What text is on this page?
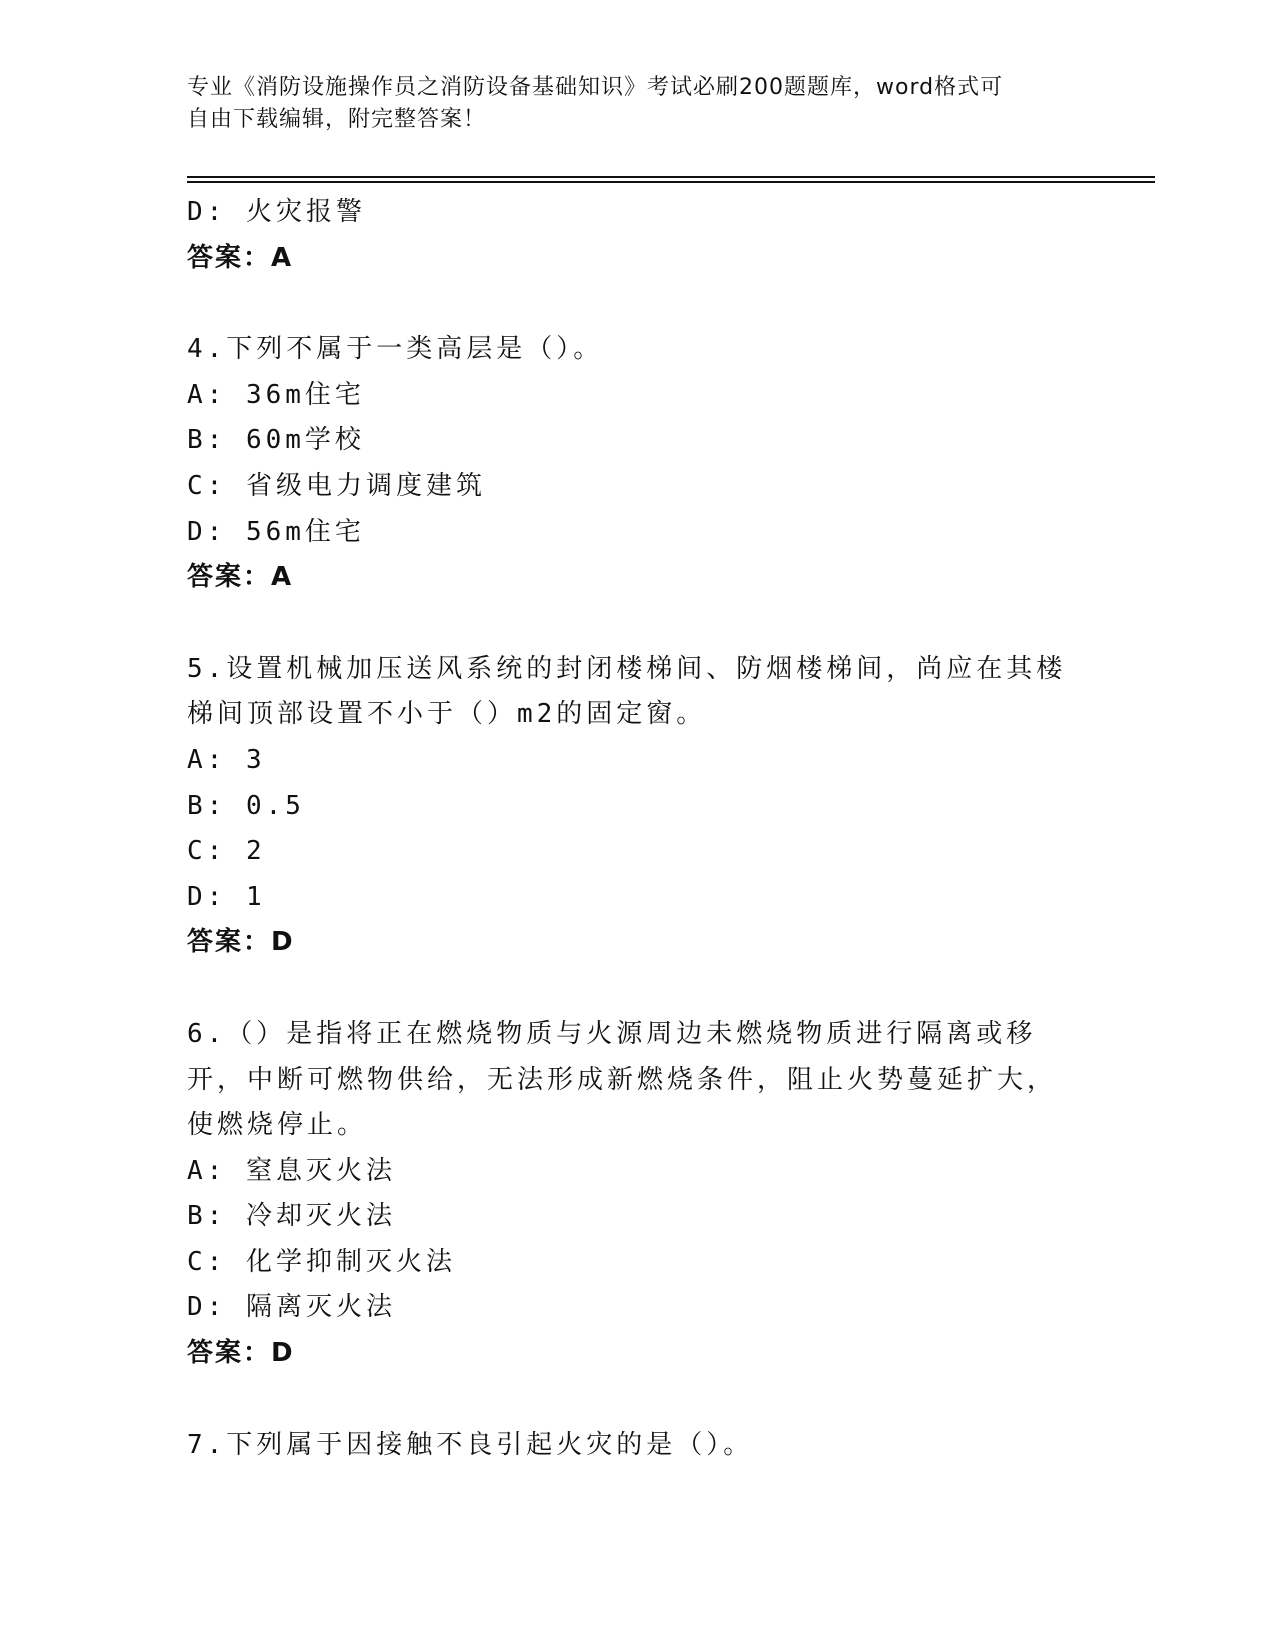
专业《消防设施操作员之消防设备基础知识》考试必刷200题题库，word格式可
自由下载编辑，附完整答案！
D: 火灾报警
答案：A
4.下列不属于一类高层是（）。
A: 36m住宅
B: 60m学校
C: 省级电力调度建筑
D: 56m住宅
答案：A
5.设置机械加压送风系统的封闭楼梯间、防烟楼梯间，尚应在其楼梯间顶部设置不小于（）m2的固定窗。
A: 3
B: 0.5
C: 2
D: 1
答案：D
6.（）是指将正在燃烧物质与火源周边未燃烧物质进行隔离或移开，中断可燃物供给，无法形成新燃烧条件，阻止火势蔓延扩大，使燃烧停止。
A: 窒息灭火法
B: 冷却灭火法
C: 化学抑制灭火法
D: 隔离灭火法
答案：D
7.下列属于因接触不良引起火灾的是（）。
